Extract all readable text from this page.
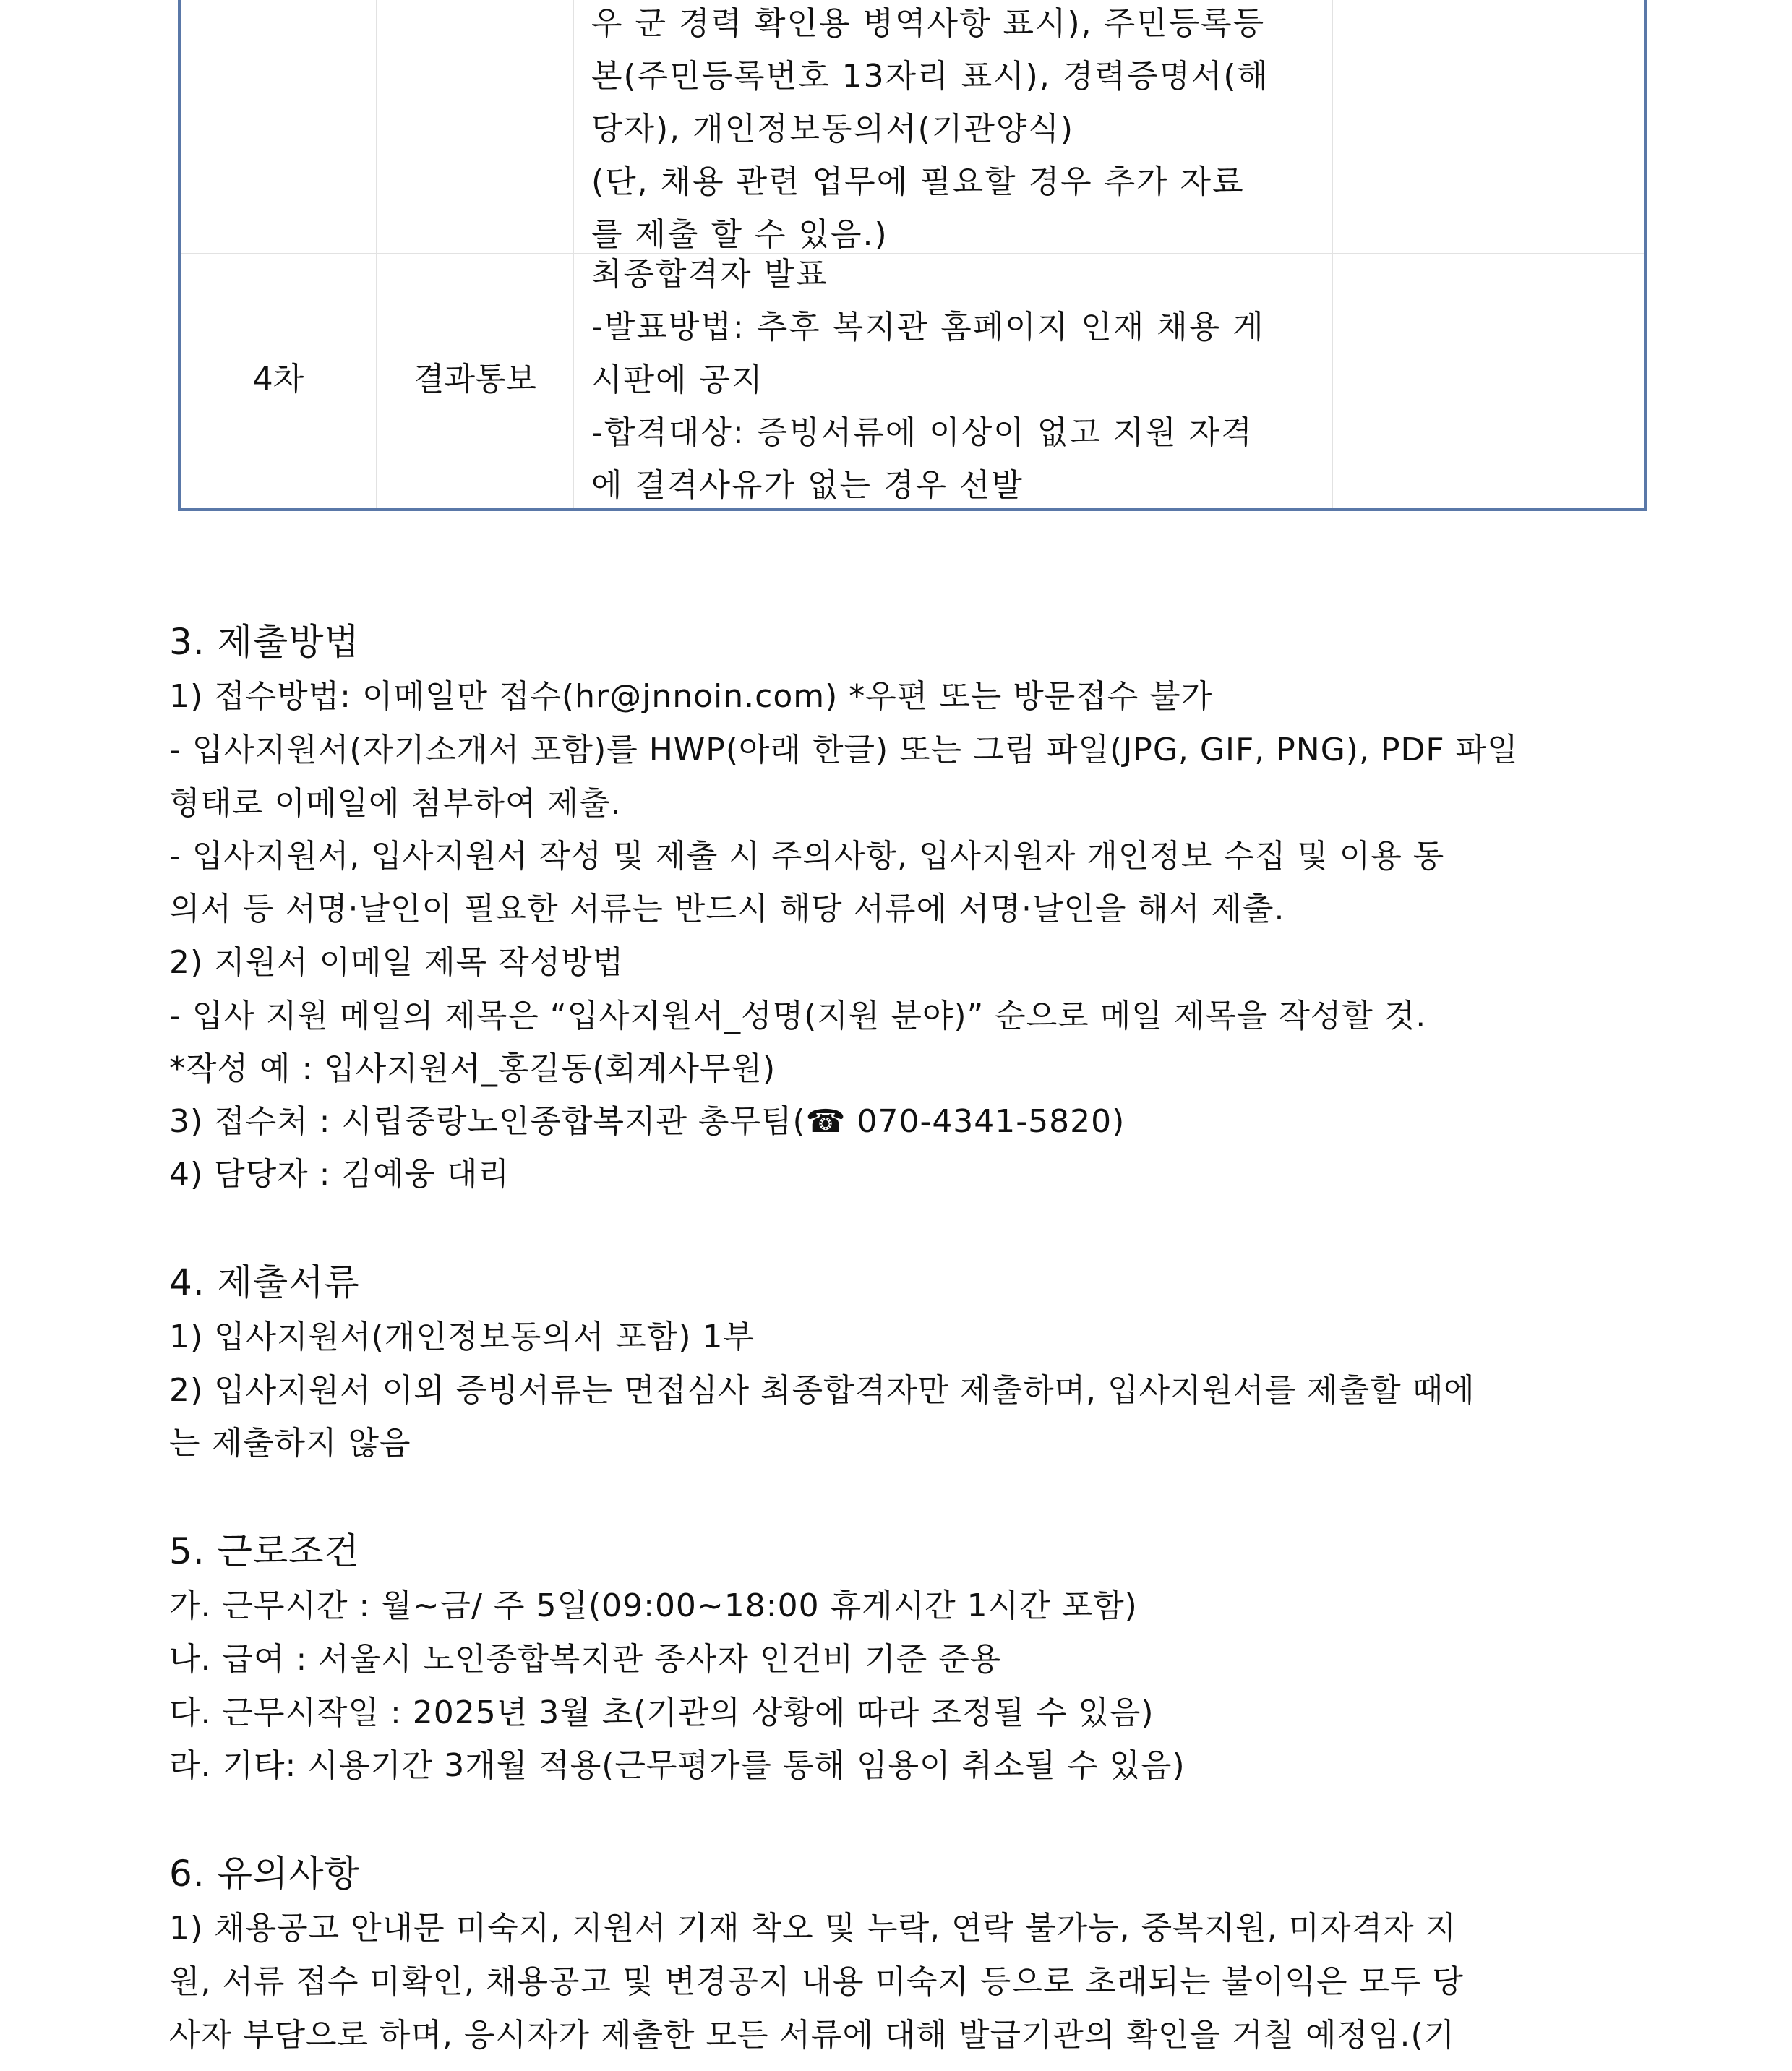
우 군 경력 확인용 병역사항 표시), 주민등록등
본(주민등록번호 13자리 표시), 경력증명서(해
당자), 개인정보동의서(기관양식)
(단, 채용 관련 업무에 필요할 경우 추가 자료
를 제출 할 수 있음.)
4차	결과통보
최종합격자 발표
-발표방법: 추후 복지관 홈페이지 인재 채용 게
시판에 공지
-합격대상: 증빙서류에 이상이 없고 지원 자격
에 결격사유가 없는 경우 선발
3. 제출방법
1) 접수방법: 이메일만 접수(hr@jnnoin.com) *우편 또는 방문접수 불가
- 입사지원서(자기소개서 포함)를 HWP(아래 한글) 또는 그림 파일(JPG, GIF, PNG), PDF 파일
형태로 이메일에 첨부하여 제출.
- 입사지원서, 입사지원서 작성 및 제출 시 주의사항, 입사지원자 개인정보 수집 및 이용 동
의서 등 서명·날인이 필요한 서류는 반드시 해당 서류에 서명·날인을 해서 제출.
2) 지원서 이메일 제목 작성방법
- 입사 지원 메일의 제목은 “입사지원서_성명(지원 분야)” 순으로 메일 제목을 작성할 것.
*작성 예 : 입사지원서_홍길동(회계사무원)
3) 접수처 : 시립중랑노인종합복지관 총무팀(☎ 070-4341-5820)
4) 담당자 : 김예웅 대리
4. 제출서류
1) 입사지원서(개인정보동의서 포함) 1부
2) 입사지원서 이외 증빙서류는 면접심사 최종합격자만 제출하며, 입사지원서를 제출할 때에
는 제출하지 않음
5. 근로조건
가. 근무시간 : 월~금/ 주 5일(09:00~18:00 휴게시간 1시간 포함)
나. 급여 : 서울시 노인종합복지관 종사자 인건비 기준 준용
다. 근무시작일 : 2025년 3월 초(기관의 상황에 따라 조정될 수 있음)
라. 기타: 시용기간 3개월 적용(근무평가를 통해 임용이 취소될 수 있음)
6. 유의사항
1) 채용공고 안내문 미숙지, 지원서 기재 착오 및 누락, 연락 불가능, 중복지원, 미자격자 지
원, 서류 접수 미확인, 채용공고 및 변경공지 내용 미숙지 등으로 초래되는 불이익은 모두 당
사자 부담으로 하며, 응시자가 제출한 모든 서류에 대해 발급기관의 확인을 거칠 예정임.(기
